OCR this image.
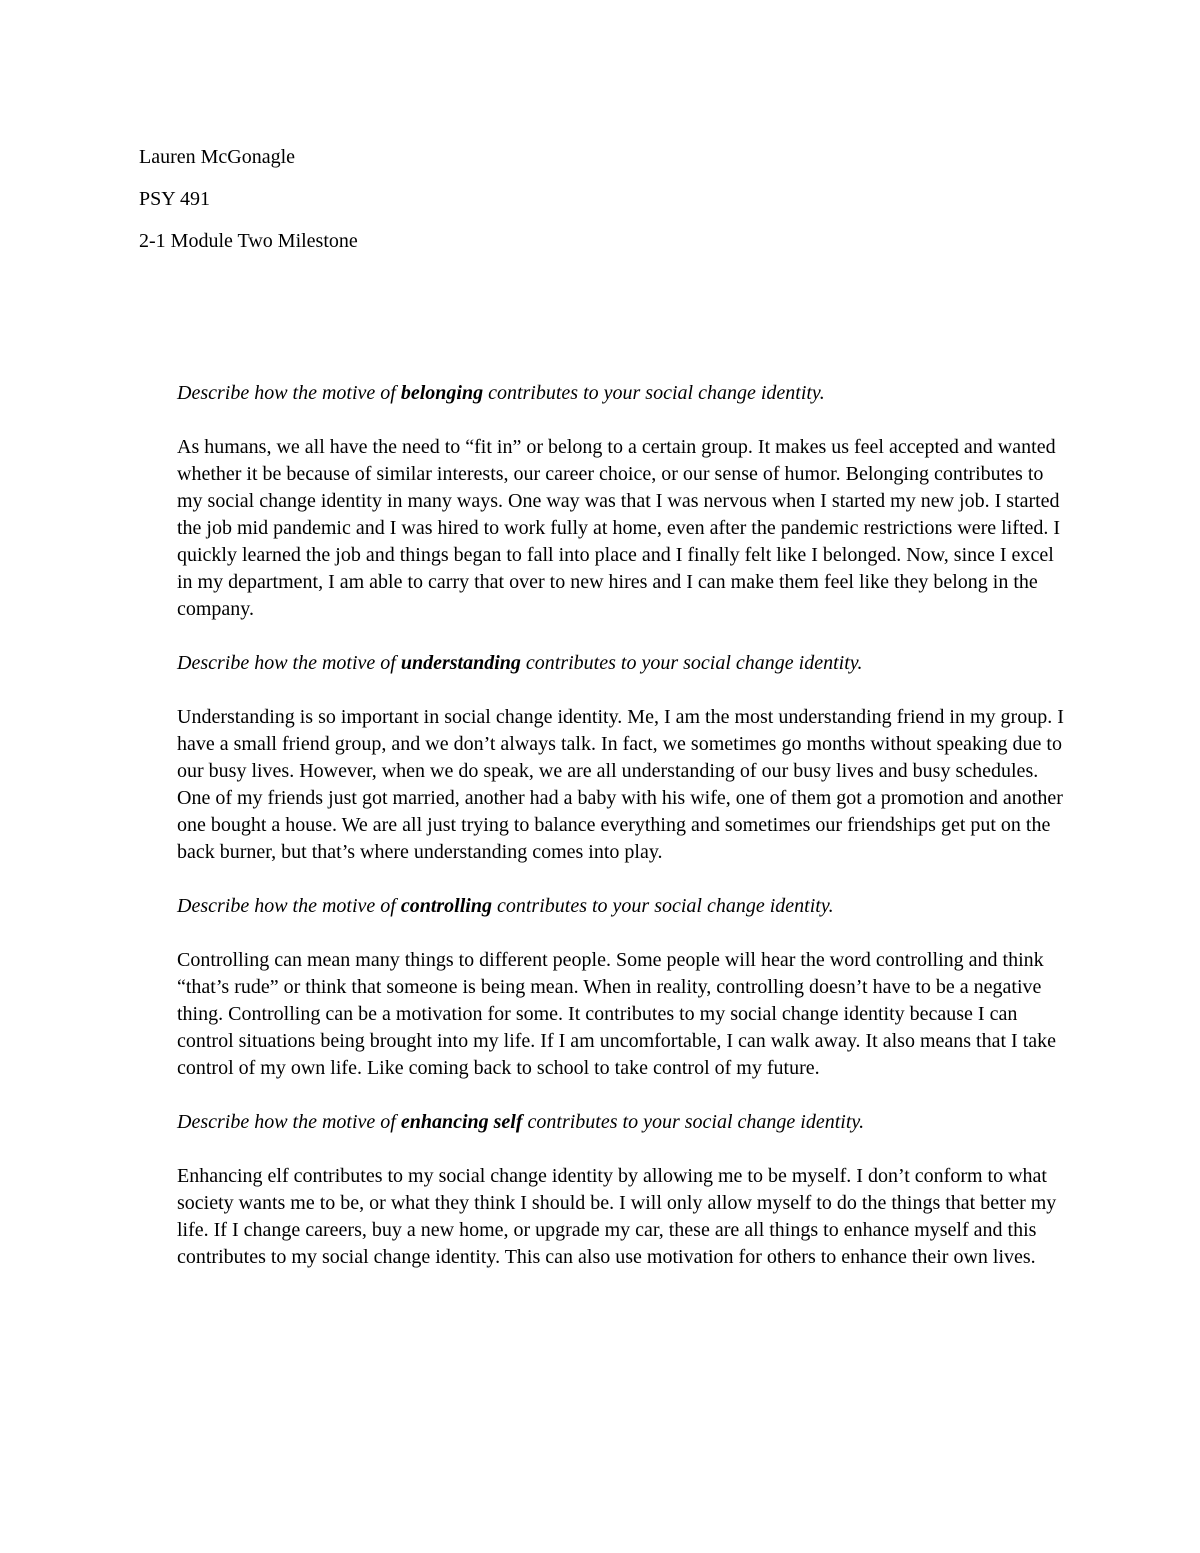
Lauren McGonagle

PSY 491

2-1 Module Two Milestone

Describe how the motive of belonging contributes to your social change identity.

As humans, we all have the need to “fit in” or belong to a certain group. It makes us feel accepted and wanted whether it be because of similar interests, our career choice, or our sense of humor. Belonging contributes to my social change identity in many ways. One way was that I was nervous when I started my new job. I started the job mid pandemic and I was hired to work fully at home, even after the pandemic restrictions were lifted. I quickly learned the job and things began to fall into place and I finally felt like I belonged. Now, since I excel in my department, I am able to carry that over to new hires and I can make them feel like they belong in the company.

Describe how the motive of understanding contributes to your social change identity.

Understanding is so important in social change identity. Me, I am the most understanding friend in my group. I have a small friend group, and we don’t always talk. In fact, we sometimes go months without speaking due to our busy lives. However, when we do speak, we are all understanding of our busy lives and busy schedules. One of my friends just got married, another had a baby with his wife, one of them got a promotion and another one bought a house. We are all just trying to balance everything and sometimes our friendships get put on the back burner, but that’s where understanding comes into play.

Describe how the motive of controlling contributes to your social change identity.

Controlling can mean many things to different people. Some people will hear the word controlling and think “that’s rude” or think that someone is being mean. When in reality, controlling doesn’t have to be a negative thing. Controlling can be a motivation for some. It contributes to my social change identity because I can control situations being brought into my life. If I am uncomfortable, I can walk away. It also means that I take control of my own life. Like coming back to school to take control of my future.

Describe how the motive of enhancing self contributes to your social change identity.

Enhancing elf contributes to my social change identity by allowing me to be myself. I don’t conform to what society wants me to be, or what they think I should be. I will only allow myself to do the things that better my life. If I change careers, buy a new home, or upgrade my car, these are all things to enhance myself and this contributes to my social change identity. This can also use motivation for others to enhance their own lives.
